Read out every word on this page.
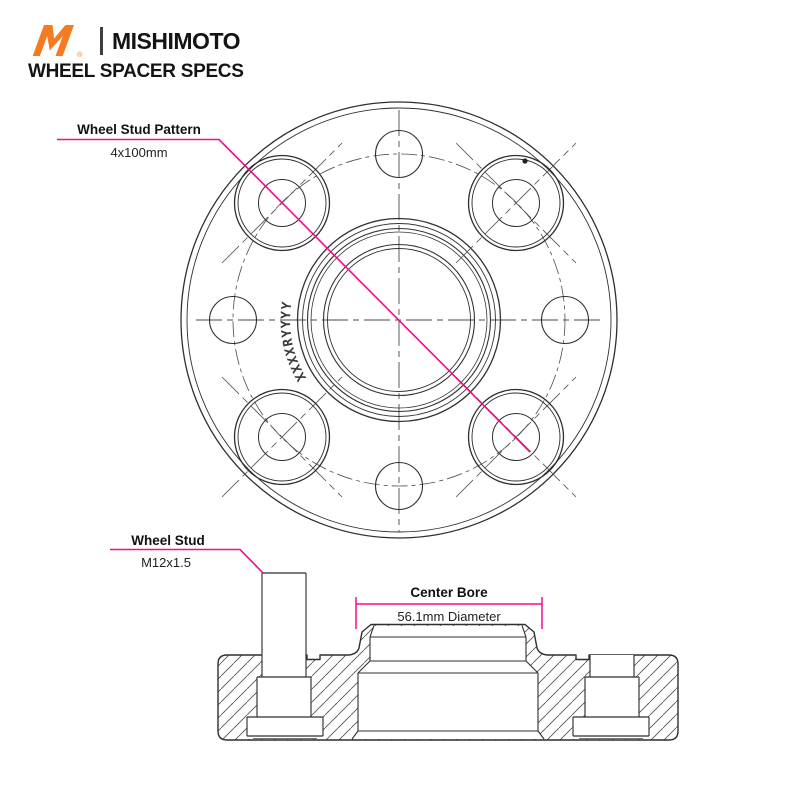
®
MISHIMOTO
WHEEL SPACER SPECS
XXXXRYYYY
Wheel Stud Pattern
4x100mm
Wheel Stud
M12x1.5
Center Bore
56.1mm Diameter
